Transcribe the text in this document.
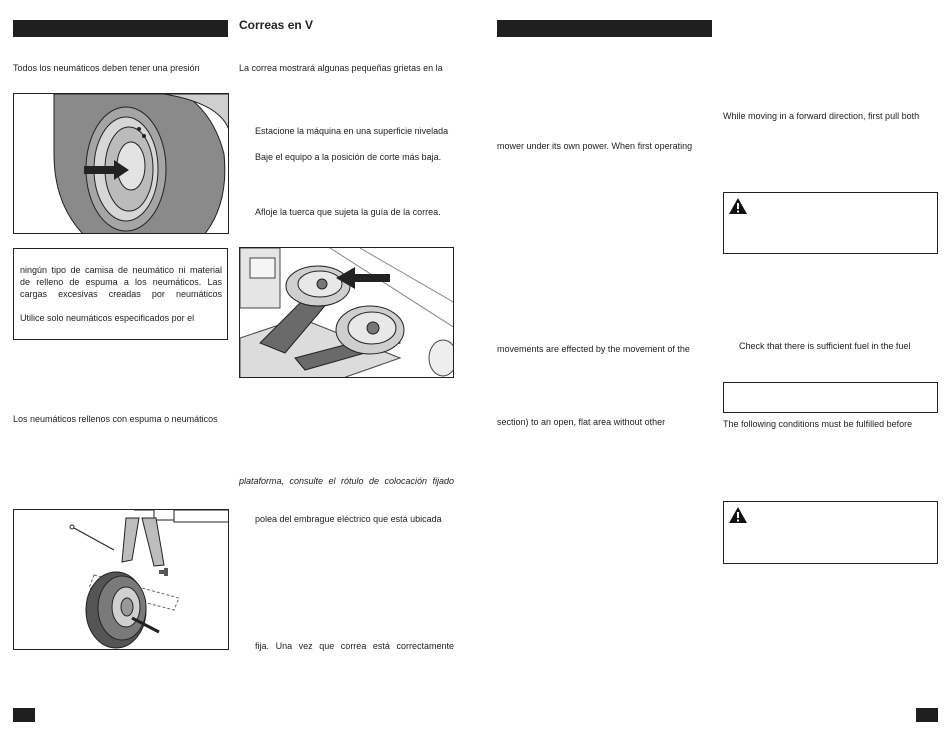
Todos los neumáticos deben tener una presión
ningún tipo de camisa de neumático ni material
de relleno de espuma a los neumáticos. Las
cargas excesivas creadas por neumáticos
Utilice solo neumáticos especificados por el
Los neumáticos rellenos con espuma o neumáticos
Correas en V
La correa mostrará algunas pequeñas grietas en la
Estacione la máquina en una superficie nivelada
Baje el equipo a la posición de corte más baja.
Afloje la tuerca que sujeta la guía de la correa.
plataforma, consulte el rótulo de colocación fijado
polea del embrague eléctrico que está ubicada
fija. Una vez que correa está correctamente
mower under its own power. When first operating
movements are effected by the movement of the
section) to an open, flat area without other
While moving in a forward direction, first pull both
Check that there is sufficient fuel in the fuel
The following conditions must be fulfilled before
